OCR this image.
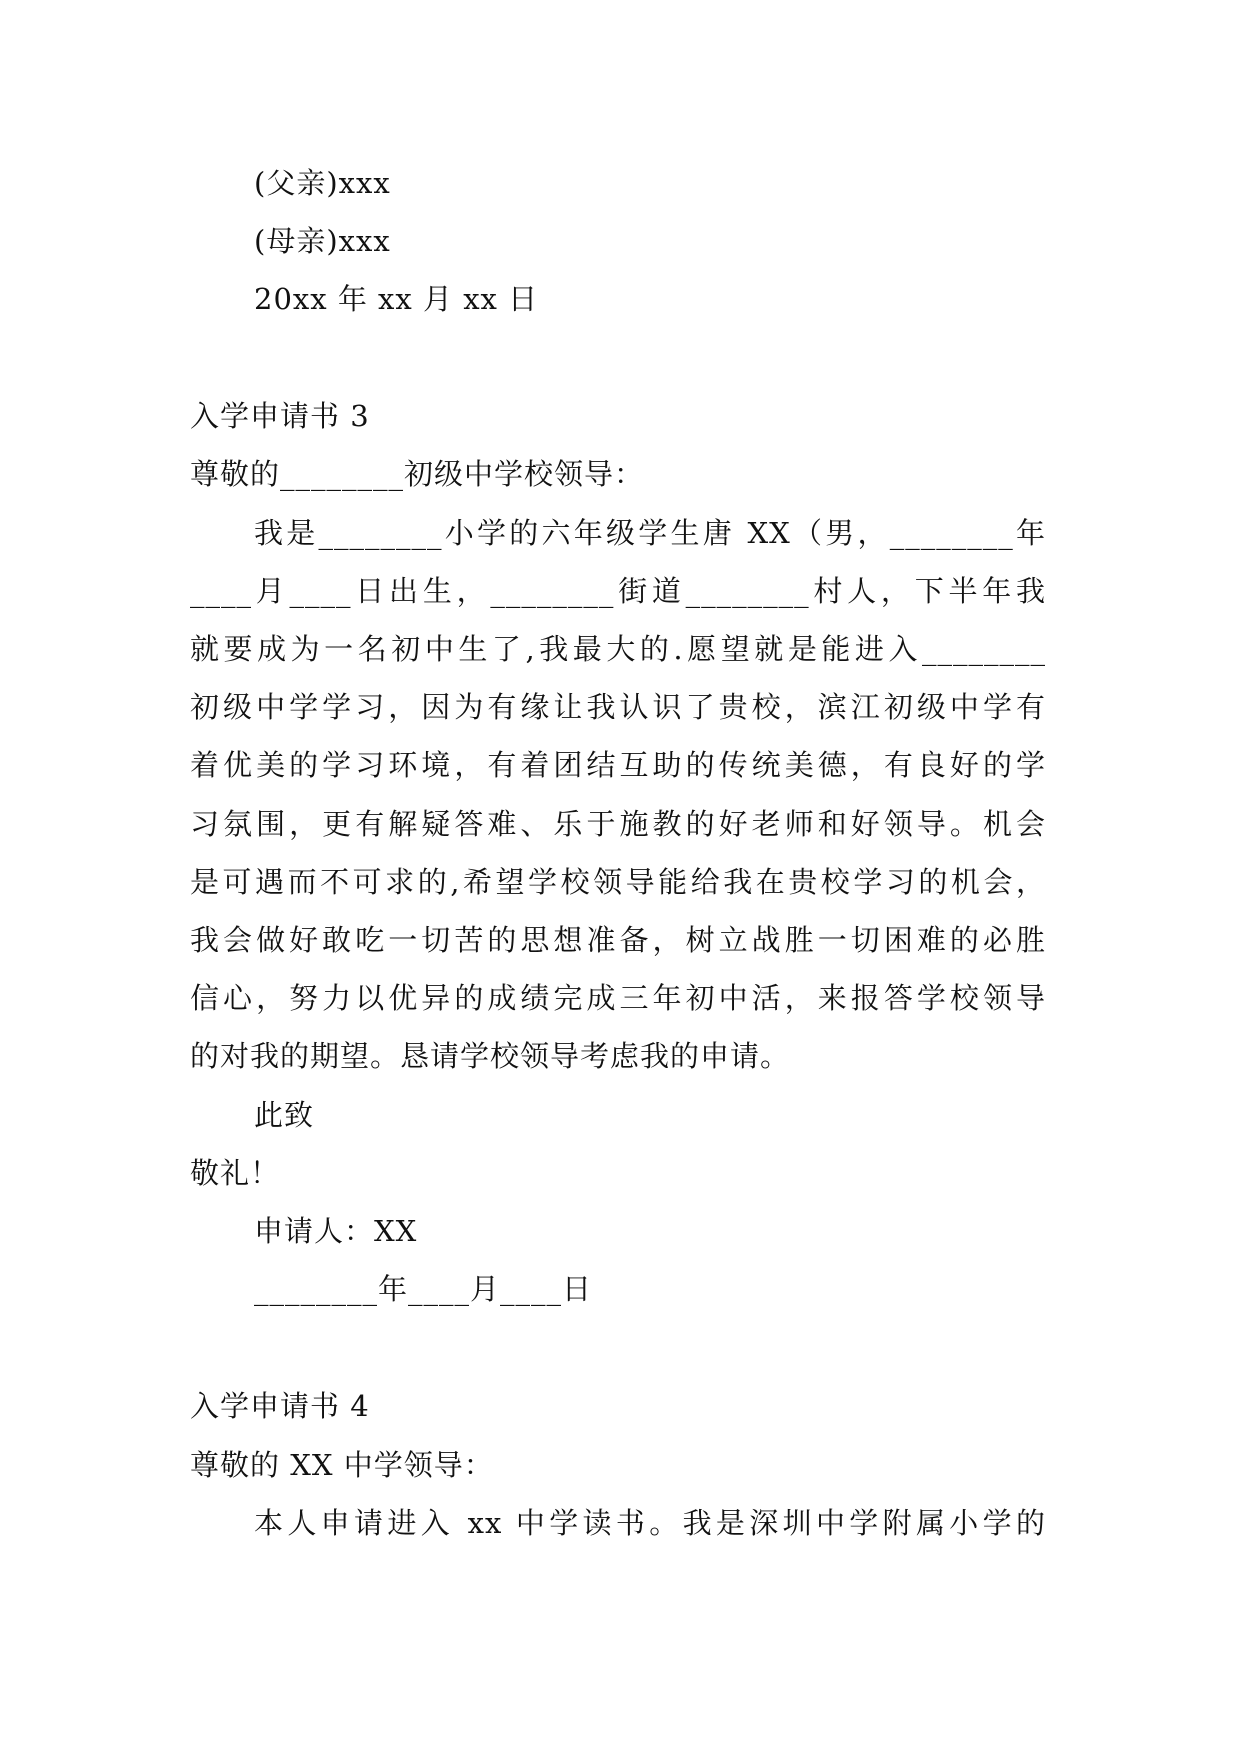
(父亲)xxx
(母亲)xxx
20xx 年 xx 月 xx 日
入学申请书 3
尊敬的________初级中学校领导：
我是________小学的六年级学生唐 XX（男，________年
____月____日出生，________街道________村人，下半年我
就要成为一名初中生了,我最大的.愿望就是能进入________
初级中学学习，因为有缘让我认识了贵校，滨江初级中学有
着优美的学习环境，有着团结互助的传统美德，有良好的学
习氛围，更有解疑答难、乐于施教的好老师和好领导。机会
是可遇而不可求的,希望学校领导能给我在贵校学习的机会，
我会做好敢吃一切苦的思想准备，树立战胜一切困难的必胜
信心，努力以优异的成绩完成三年初中活，来报答学校领导
的对我的期望。恳请学校领导考虑我的申请。
此致
敬礼！
申请人：XX
________年____月____日
入学申请书 4
尊敬的 XX 中学领导：
本人申请进入 xx 中学读书。我是深圳中学附属小学的
